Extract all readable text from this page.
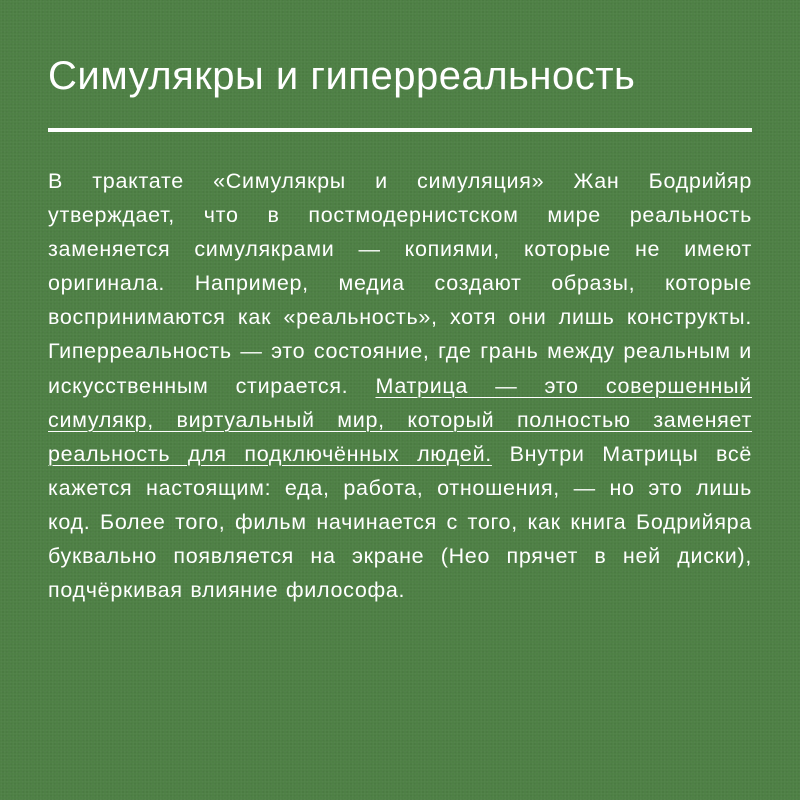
Симулякры и гиперреальность

В трактате «Симулякры и симуляция» Жан Бодрийяр утверждает, что в постмодернистском мире реальность заменяется симулякрами — копиями, которые не имеют оригинала. Например, медиа создают образы, которые воспринимаются как «реальность», хотя они лишь конструкты. Гиперреальность — это состояние, где грань между реальным и искусственным стирается. Матрица — это совершенный симулякр, виртуальный мир, который полностью заменяет реальность для подключённых людей. Внутри Матрицы всё кажется настоящим: еда, работа, отношения, — но это лишь код. Более того, фильм начинается с того, как книга Бодрийяра буквально появляется на экране (Нео прячет в ней диски), подчёркивая влияние философа.
